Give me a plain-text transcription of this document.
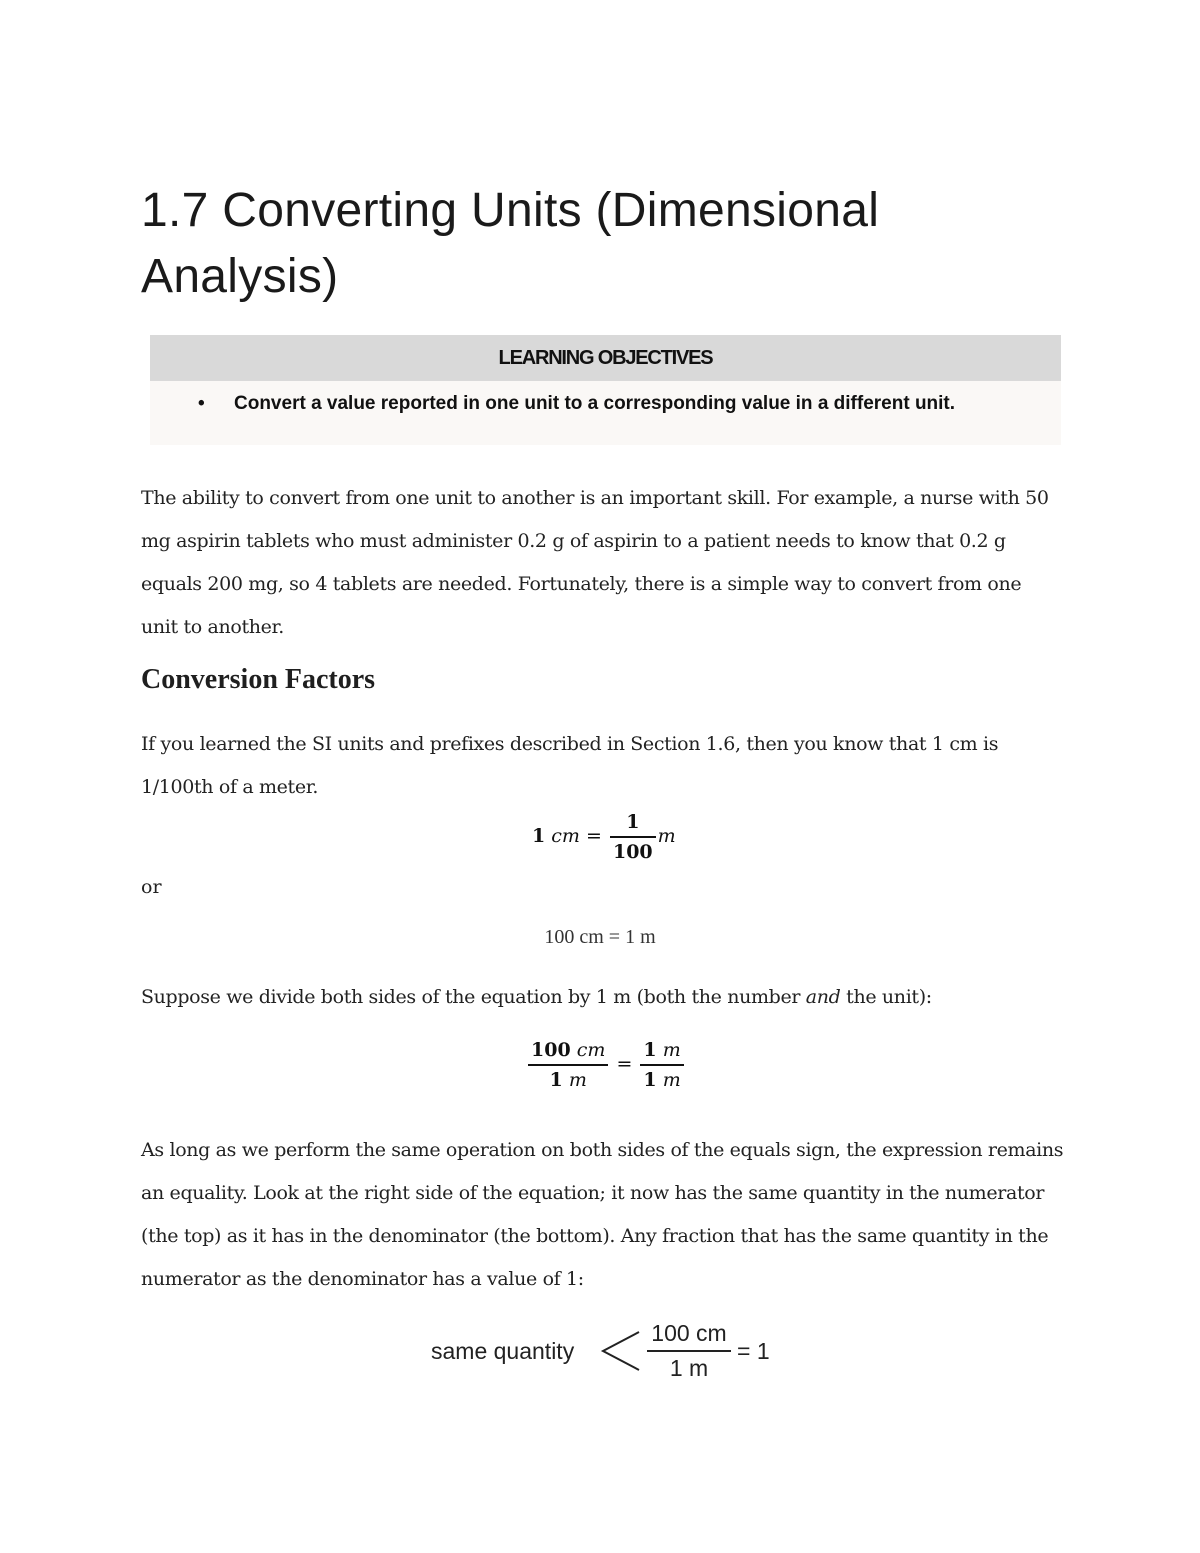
1.7 Converting Units (Dimensional Analysis)
LEARNING OBJECTIVES
• Convert a value reported in one unit to a corresponding value in a different unit.

The ability to convert from one unit to another is an important skill. For example, a nurse with 50 mg aspirin tablets who must administer 0.2 g of aspirin to a patient needs to know that 0.2 g equals 200 mg, so 4 tablets are needed. Fortunately, there is a simple way to convert from one unit to another.

Conversion Factors

If you learned the SI units and prefixes described in Section 1.6, then you know that 1 cm is 1/100th of a meter.

1 cm = $\frac{1}{100}$ m
or
100 cm = 1 m

Suppose we divide both sides of the equation by 1 m (both the number and the unit):

$\frac{100 cm}{1 m} = \frac{1 m}{1 m}$

As long as we perform the same operation on both sides of the equals sign, the expression remains an equality. Look at the right side of the equation; it now has the same quantity in the numerator (the top) as it has in the denominator (the bottom). Any fraction that has the same quantity in the numerator as the denominator has a value of 1:

same quantity
100 cm
1 m
= 1
